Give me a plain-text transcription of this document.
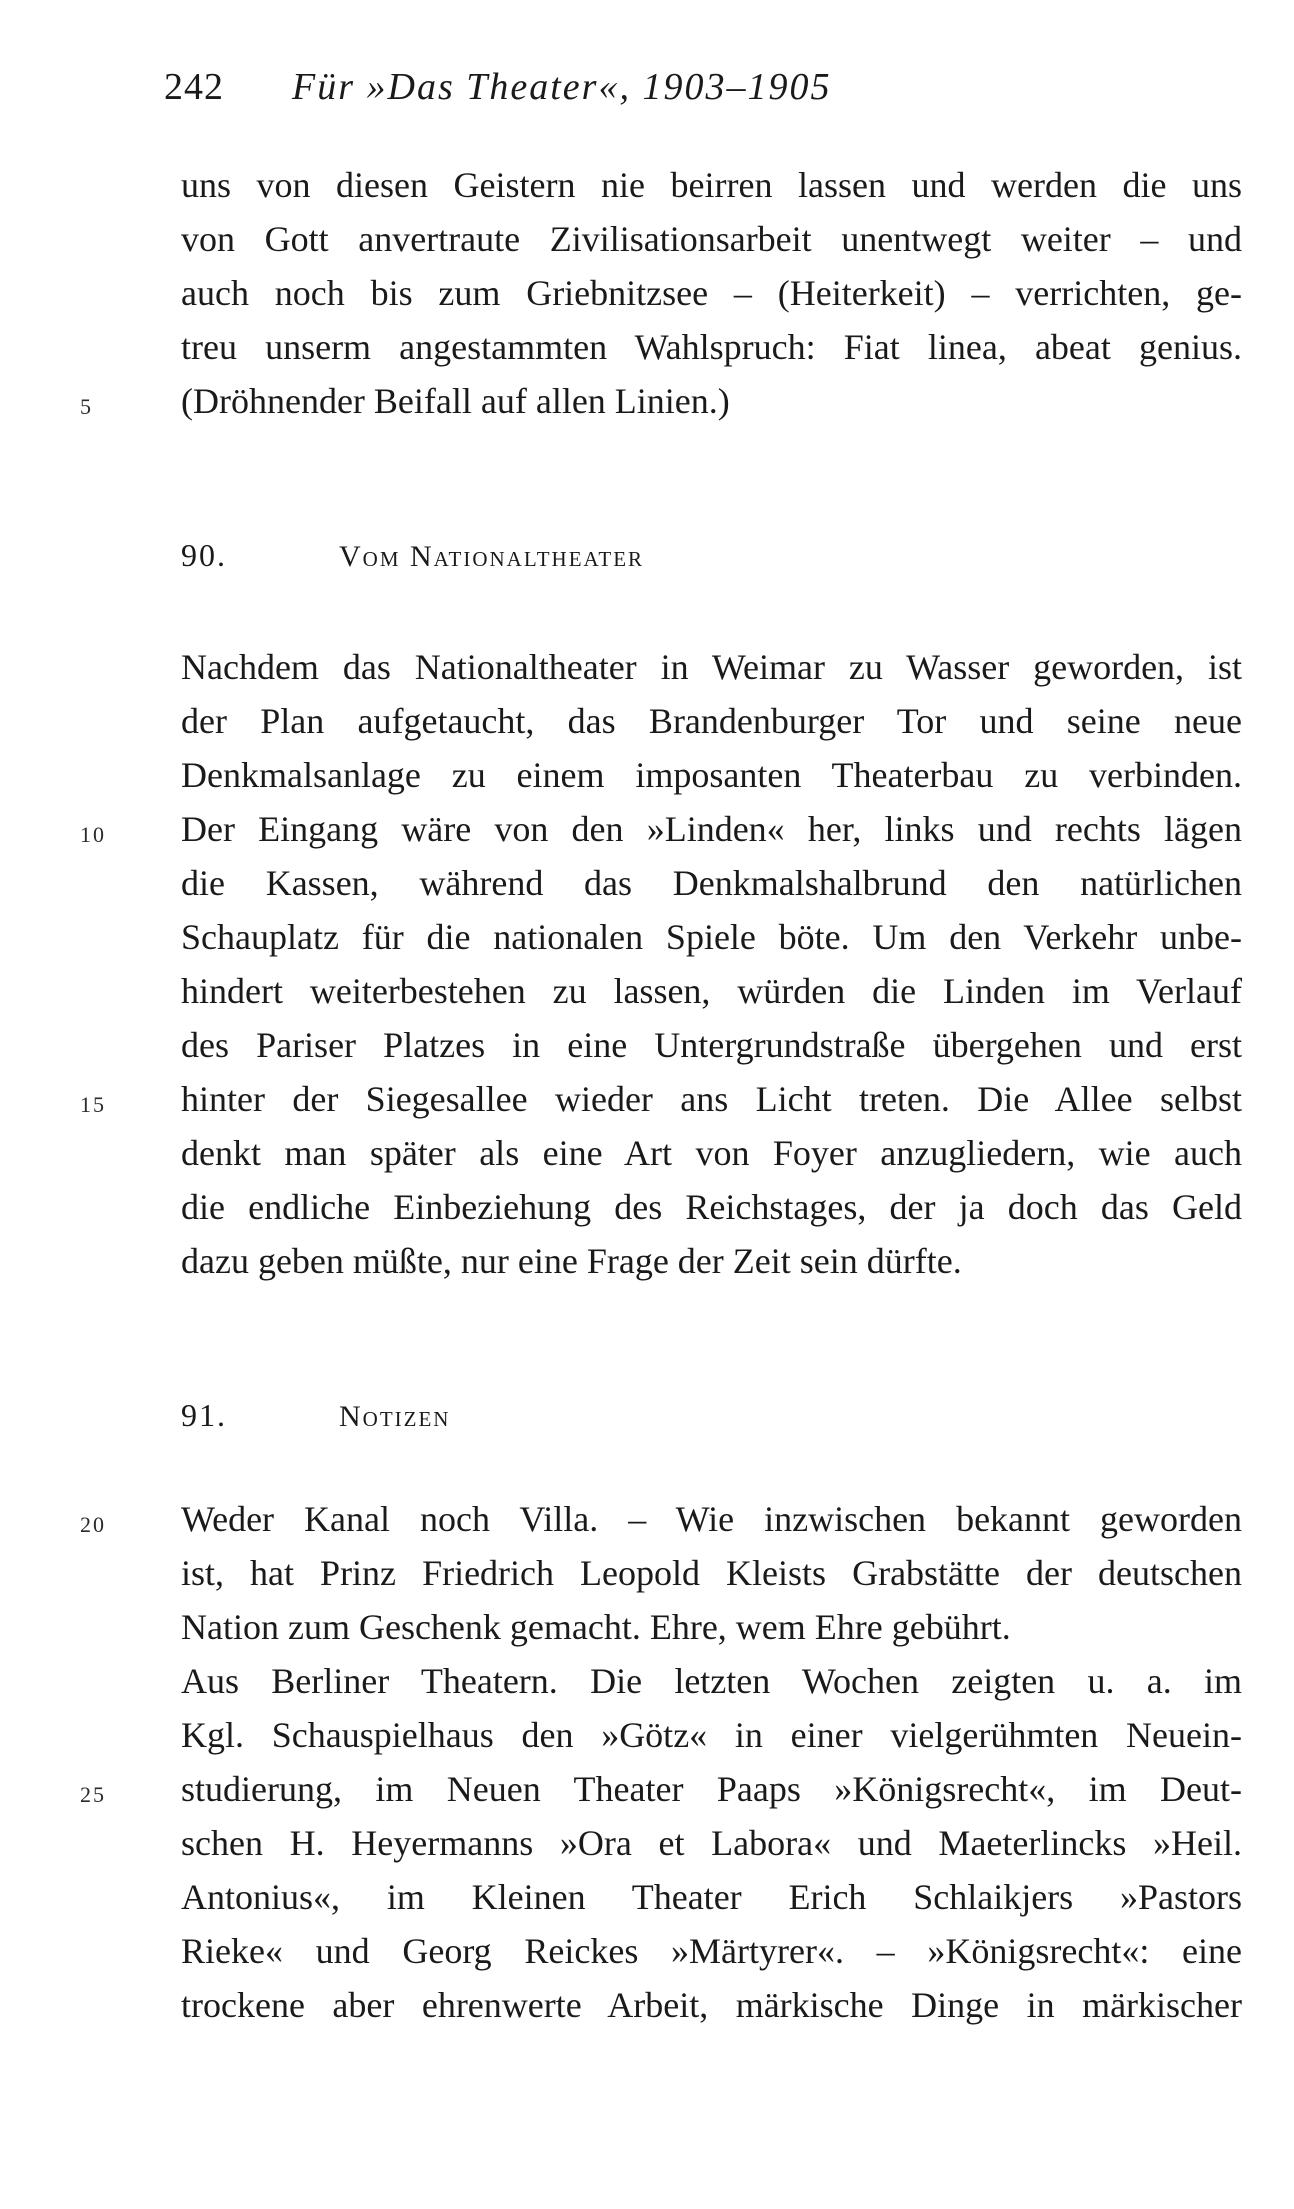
242 Für »Das Theater«, 1903–1905
uns von diesen Geistern nie beirren lassen und werden die uns
von Gott anvertraute Zivilisationsarbeit unentwegt weiter – und
auch noch bis zum Griebnitzsee – (Heiterkeit) – verrichten, ge-
treu unserm angestammten Wahlspruch: Fiat linea, abeat genius.
(Dröhnender Beifall auf allen Linien.)
5
90.	Vom Nationaltheater
Nachdem das Nationaltheater in Weimar zu Wasser geworden, ist
der Plan aufgetaucht, das Brandenburger Tor und seine neue
Denkmalsanlage zu einem imposanten Theaterbau zu verbinden.
Der Eingang wäre von den »Linden« her, links und rechts lägen
10
die Kassen, während das Denkmalshalbrund den natürlichen
Schauplatz für die nationalen Spiele böte. Um den Verkehr unbe-
hindert weiterbestehen zu lassen, würden die Linden im Verlauf
des Pariser Platzes in eine Untergrundstraße übergehen und erst
hinter der Siegesallee wieder ans Licht treten. Die Allee selbst
15
denkt man später als eine Art von Foyer anzugliedern, wie auch
die endliche Einbeziehung des Reichstages, der ja doch das Geld
dazu geben müßte, nur eine Frage der Zeit sein dürfte.
91.	Notizen
Weder Kanal noch Villa. – Wie inzwischen bekannt geworden
20
ist, hat Prinz Friedrich Leopold Kleists Grabstätte der deutschen
Nation zum Geschenk gemacht. Ehre, wem Ehre gebührt.
Aus Berliner Theatern. Die letzten Wochen zeigten u. a. im
Kgl. Schauspielhaus den »Götz« in einer vielgerühmten Neuein-
studierung, im Neuen Theater Paaps »Königsrecht«, im Deut-
25
schen H. Heyermanns »Ora et Labora« und Maeterlincks »Heil.
Antonius«, im Kleinen Theater Erich Schlaikjers »Pastors
Rieke« und Georg Reickes »Märtyrer«. – »Königsrecht«: eine
trockene aber ehrenwerte Arbeit, märkische Dinge in märkischer
